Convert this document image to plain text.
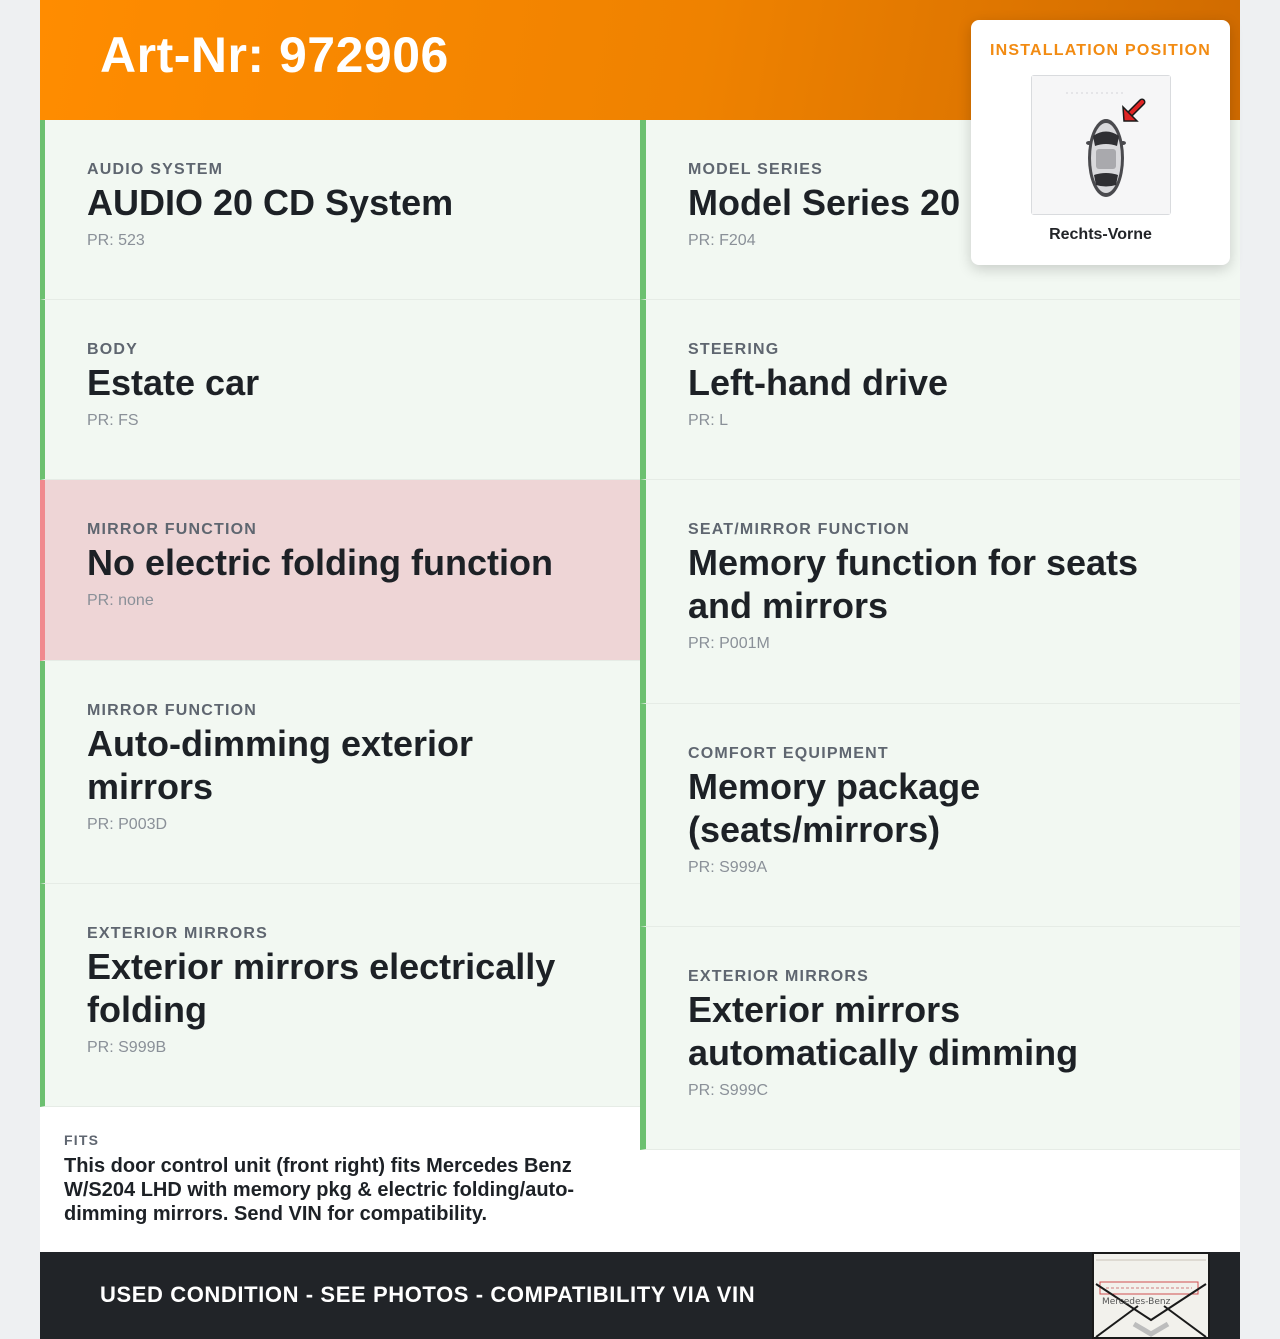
Art-Nr: 972906
AUDIO SYSTEM
AUDIO 20 CD System
PR: 523
BODY
Estate car
PR: FS
MIRROR FUNCTION
No electric folding function
PR: none
MIRROR FUNCTION
Auto-dimming exterior mirrors
PR: P003D
EXTERIOR MIRRORS
Exterior mirrors electrically folding
PR: S999B
MODEL SERIES
Model Series 20
PR: F204
STEERING
Left-hand drive
PR: L
SEAT/MIRROR FUNCTION
Memory function for seats and mirrors
PR: P001M
COMFORT EQUIPMENT
Memory package (seats/mirrors)
PR: S999A
EXTERIOR MIRRORS
Exterior mirrors automatically dimming
PR: S999C
FITS
This door control unit (front right) fits Mercedes Benz W/S204 LHD with memory pkg & electric folding/auto-dimming mirrors. Send VIN for compatibility.
USED CONDITION - SEE PHOTOS - COMPATIBILITY VIA VIN	Mercedes-Benz
INSTALLATION POSITION
Rechts-Vorne
